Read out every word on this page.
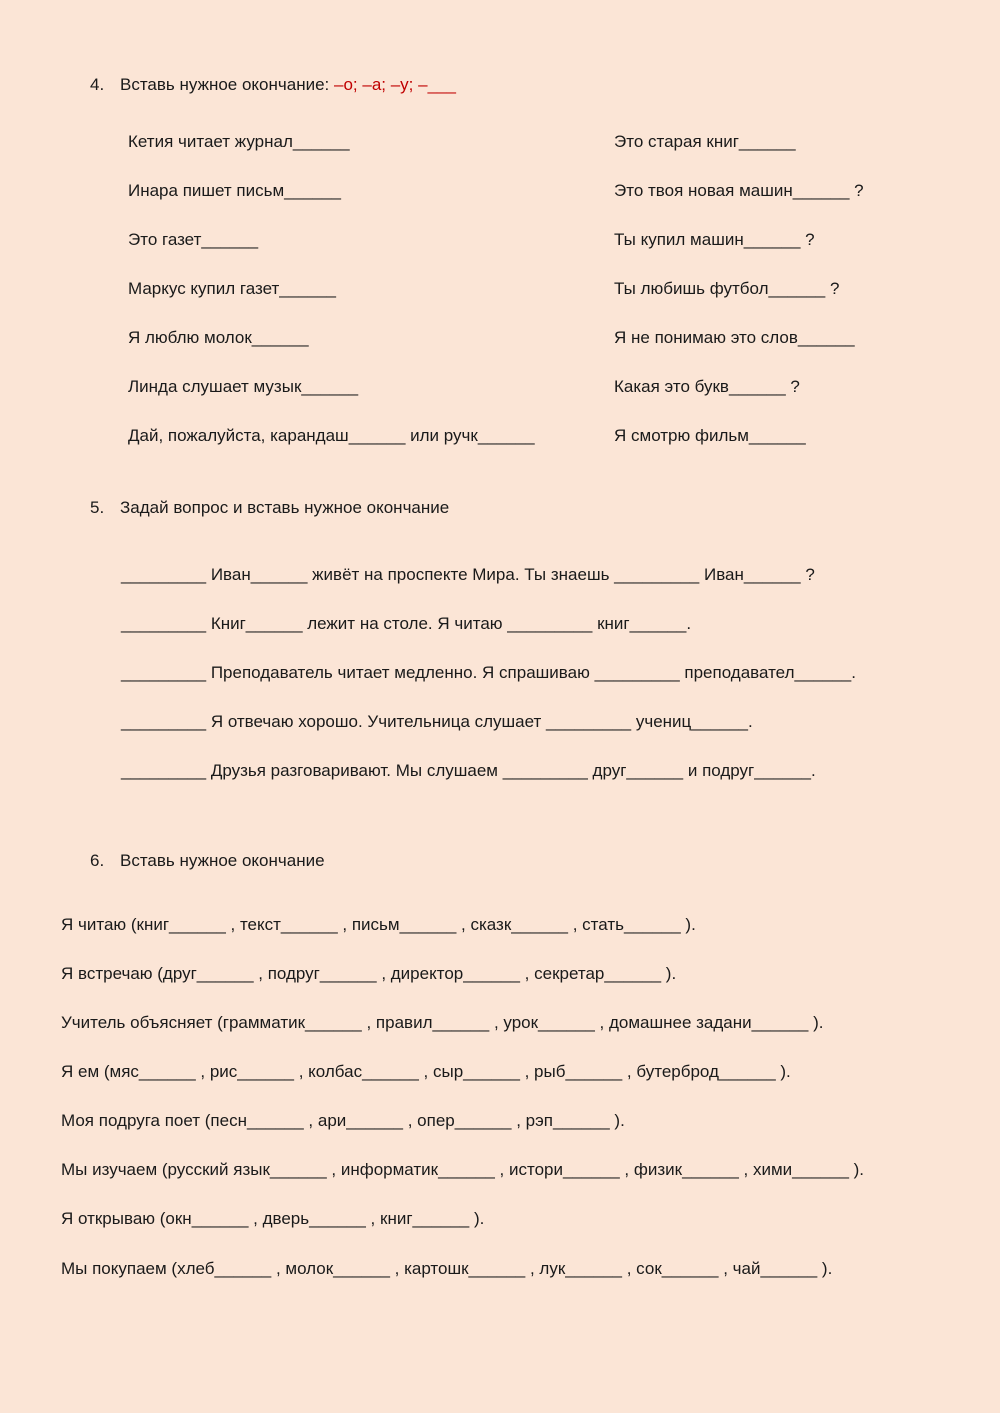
4. Вставь нужное окончание: –о; –а; –у; –___
Кетия читает журнал______
Инара пишет письм______
Это газет______
Маркус купил газет______
Я люблю молок______
Линда слушает музык______
Дай, пожалуйста, карандаш______ или ручк______
Это старая книг______
Это твоя новая машин______ ?
Ты купил машин______ ?
Ты любишь футбол______ ?
Я не понимаю это слов______
Какая это букв______ ?
Я смотрю фильм______
5. Задай вопрос и вставь нужное окончание
_________ Иван______ живёт на проспекте Мира. Ты знаешь _________ Иван______ ?
_________ Книг______ лежит на столе. Я читаю _________ книг______.
_________ Преподаватель читает медленно. Я спрашиваю _________ преподавател______.
_________ Я отвечаю хорошо. Учительница слушает _________ учениц______.
_________ Друзья разговаривают. Мы слушаем _________ друг______ и подруг______.
6. Вставь нужное окончание
Я читаю (книг______ , текст______ , письм______ , сказк______ , стать______ ).
Я встречаю (друг______ , подруг______ , директор______ , секретар______ ).
Учитель объясняет (грамматик______ , правил______ , урок______ , домашнее задани______ ).
Я ем (мяс______ , рис______ , колбас______ , сыр______ , рыб______ , бутерброд______ ).
Моя подруга поет (песн______ , ари______ , опер______ , рэп______ ).
Мы изучаем (русский язык______ , информатик______ , истори______ , физик______ , хими______ ).
Я открываю (окн______ , дверь______ , книг______ ).
Мы покупаем (хлеб______ , молок______ , картошк______ , лук______ , сок______ , чай______ ).
